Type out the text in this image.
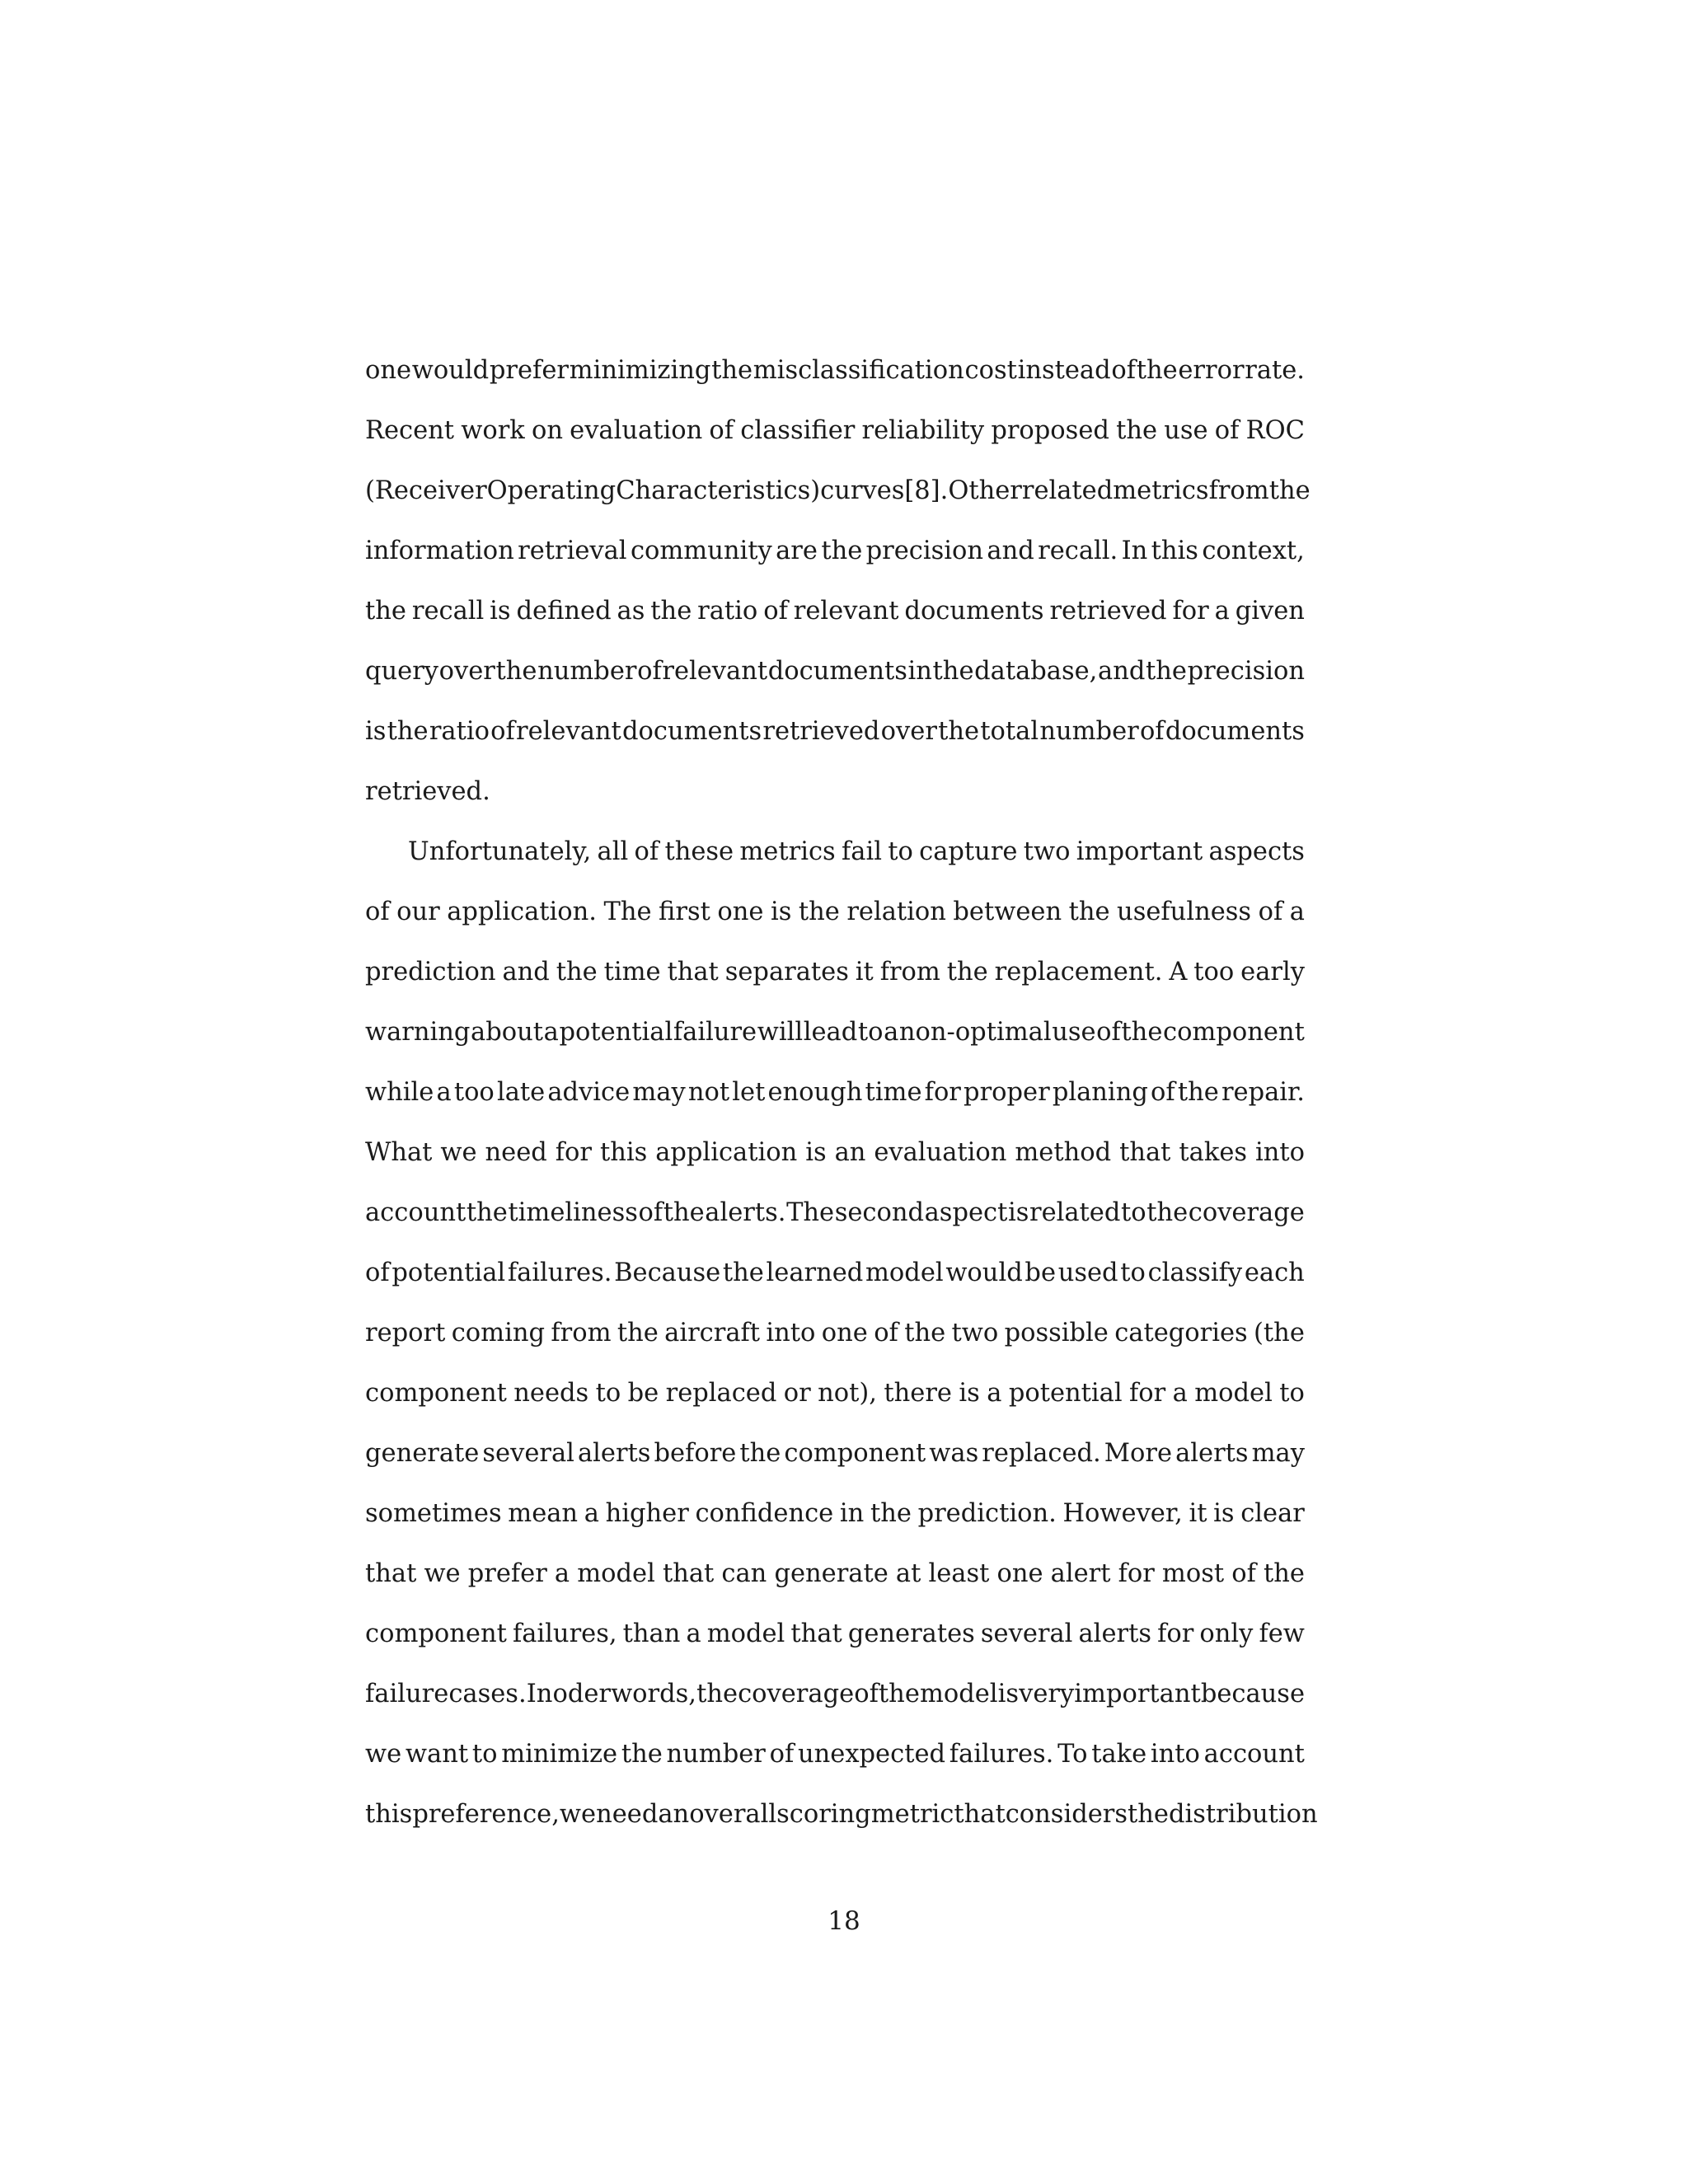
one would prefer minimizing the misclassification cost instead of the error rate.
Recent work on evaluation of classifier reliability proposed the use of ROC
(Receiver Operating Characteristics) curves [8]. Other related metrics from the
information retrieval community are the precision and recall. In this context,
the recall is defined as the ratio of relevant documents retrieved for a given
query over the number of relevant documents in the database, and the precision
is the ratio of relevant documents retrieved over the total number of documents
retrieved.
Unfortunately, all of these metrics fail to capture two important aspects
of our application. The first one is the relation between the usefulness of a
prediction and the time that separates it from the replacement. A too early
warning about a potential failure will lead to a non-optimal use of the component
while a too late advice may not let enough time for proper planing of the repair.
What we need for this application is an evaluation method that takes into
account the timeliness of the alerts. The second aspect is related to the coverage
of potential failures. Because the learned model would be used to classify each
report coming from the aircraft into one of the two possible categories (the
component needs to be replaced or not), there is a potential for a model to
generate several alerts before the component was replaced. More alerts may
sometimes mean a higher confidence in the prediction. However, it is clear
that we prefer a model that can generate at least one alert for most of the
component failures, than a model that generates several alerts for only few
failure cases. In oder words, the coverage of the model is very important because
we want to minimize the number of unexpected failures. To take into account
this preference, we need an overall scoring metric that considers the distribution
18
